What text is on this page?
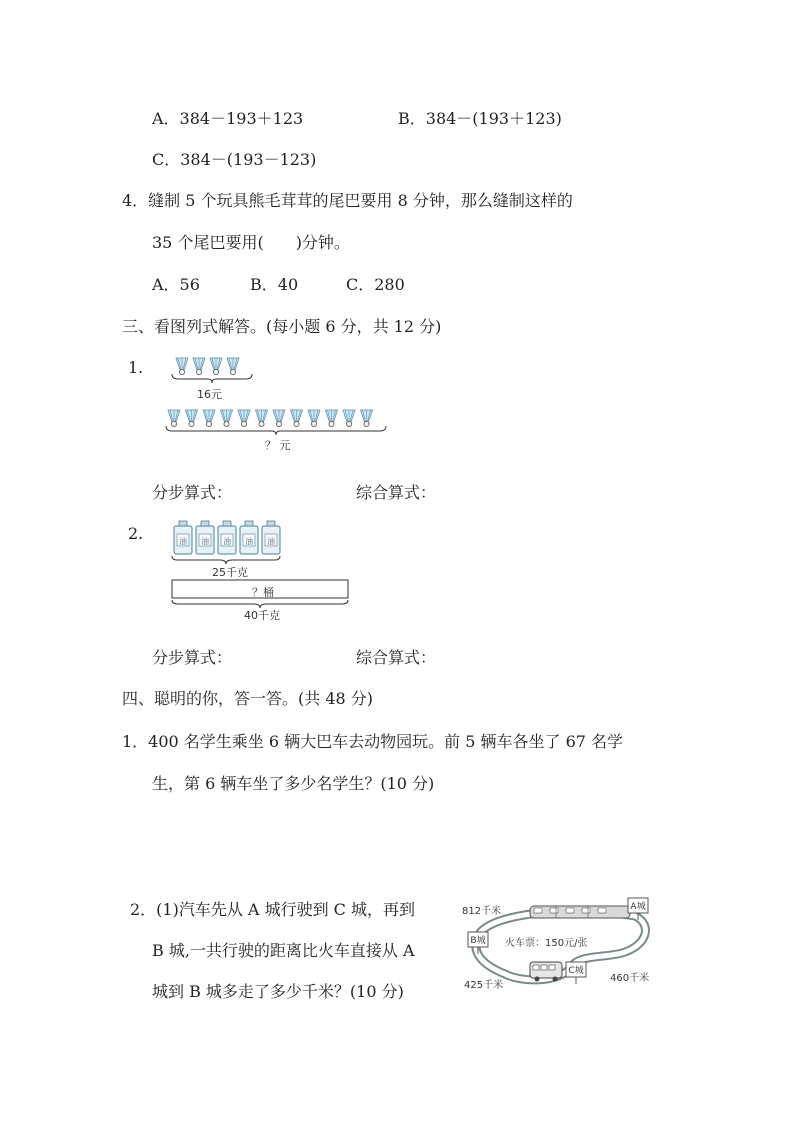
A．384－193＋123	B．384－(193＋123)
C．384－(193－123)
4．缝制 5 个玩具熊毛茸茸的尾巴要用 8 分钟，那么缝制这样的
35 个尾巴要用(　　)分钟。
A．56	B．40	C．280
三、看图列式解答。(每小题 6 分，共 12 分)
1.
16元
？ 元
分步算式：	综合算式：
2.	油 油 油 油 油
25千克
？桶
40千克
分步算式：	综合算式：
四、聪明的你，答一答。(共 48 分)
1．400 名学生乘坐 6 辆大巴车去动物园玩。前 5 辆车各坐了 67 名学
生，第 6 辆车坐了多少名学生？(10 分)
2．(1)汽车先从 A 城行驶到 C 城，再到
B 城,一共行驶的距离比火车直接从 A
城到 B 城多走了多少千米？(10 分)
A城
B城
C城
812千米
火车票：150元/张
425千米
460千米
